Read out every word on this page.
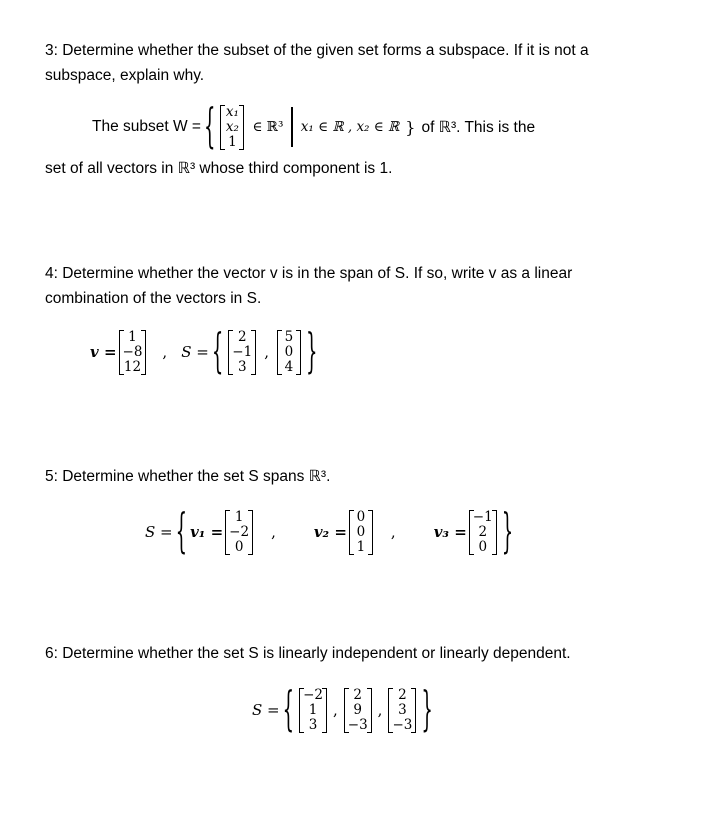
3: Determine whether the subset of the given set forms a subspace. If it is not a
subspace, explain why.
The subset W = { x₁
x₂
1
∈ ℝ³ x₁ ∈ ℝ , x₂ ∈ ℝ } of ℝ³. This is the
set of all vectors in ℝ³ whose third component is 1.
4: Determine whether the vector v is in the span of S. If so, write v as a linear
combination of the vectors in S.
v =
1
−8
12
, S = { 2
−1
3
,
5
0
4 }
5: Determine whether the set S spans ℝ³.
S = { v₁ =
1
−2
0
,	v₂ =
0
0
1
,	v₃ =
−1
2
0 }
6: Determine whether the set S is linearly independent or linearly dependent.
S = { −2
1
3
,
2
9
−3
,
2
3
−3 }
